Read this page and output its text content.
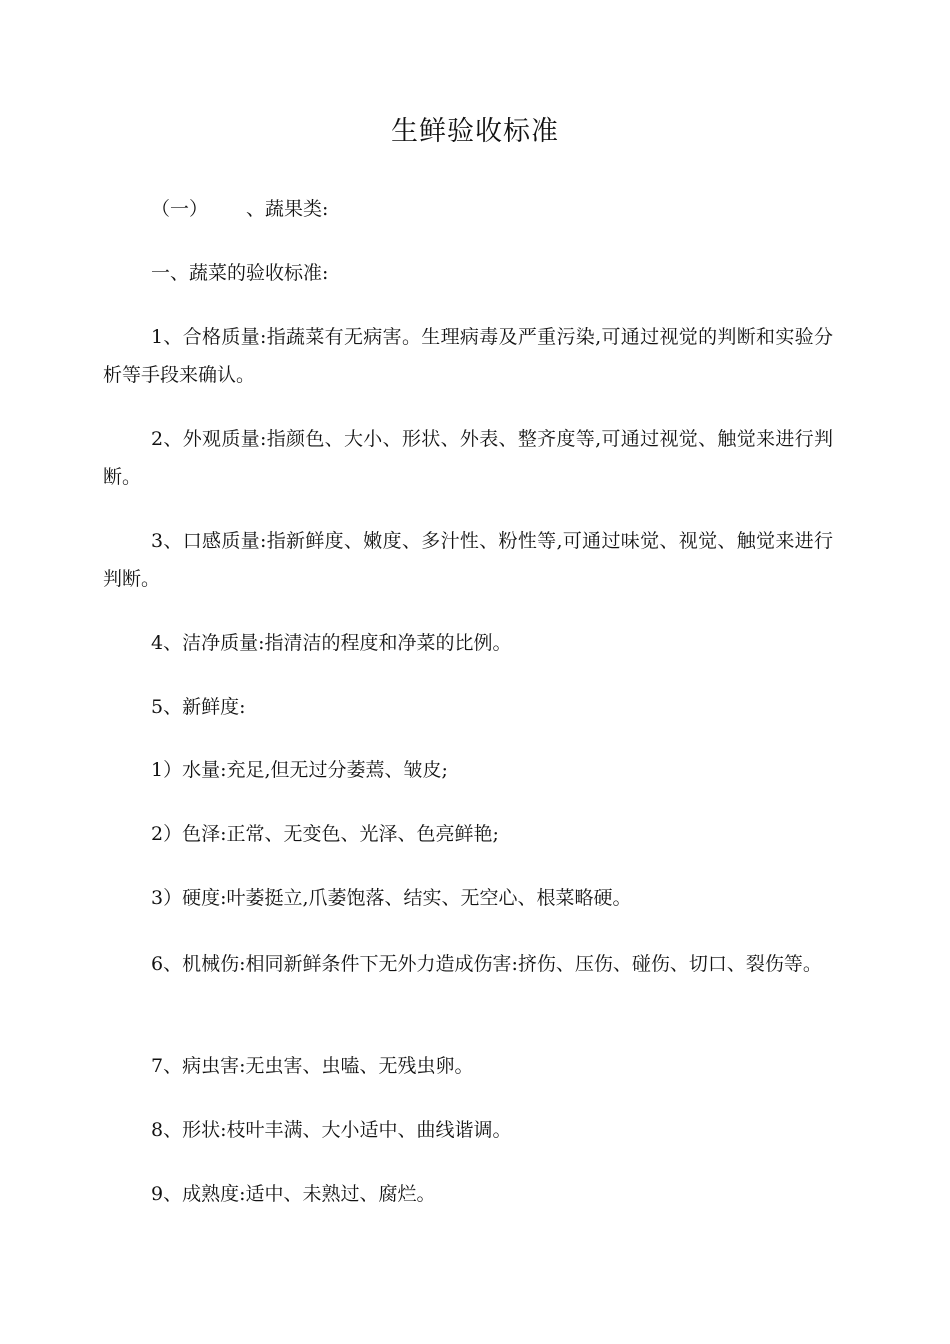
生鲜验收标准

（一） 、蔬果类:

一、蔬菜的验收标准:

1、合格质量:指蔬菜有无病害。生理病毒及严重污染,可通过视觉的判断和实验分析等手段来确认。

2、外观质量:指颜色、大小、形状、外表、整齐度等,可通过视觉、触觉来进行判断。

3、口感质量:指新鲜度、嫩度、多汁性、粉性等,可通过味觉、视觉、触觉来进行判断。

4、洁净质量:指清洁的程度和净菜的比例。

5、新鲜度:

1）水量:充足,但无过分萎蔫、皱皮;

2）色泽:正常、无变色、光泽、色亮鲜艳;

3）硬度:叶萎挺立,爪萎饱落、结实、无空心、根菜略硬。

6、机械伤:相同新鲜条件下无外力造成伤害:挤伤、压伤、碰伤、切口、裂伤等。

7、病虫害:无虫害、虫嗑、无残虫卵。

8、形状:枝叶丰满、大小适中、曲线谐调。

9、成熟度:适中、未熟过、腐烂。
